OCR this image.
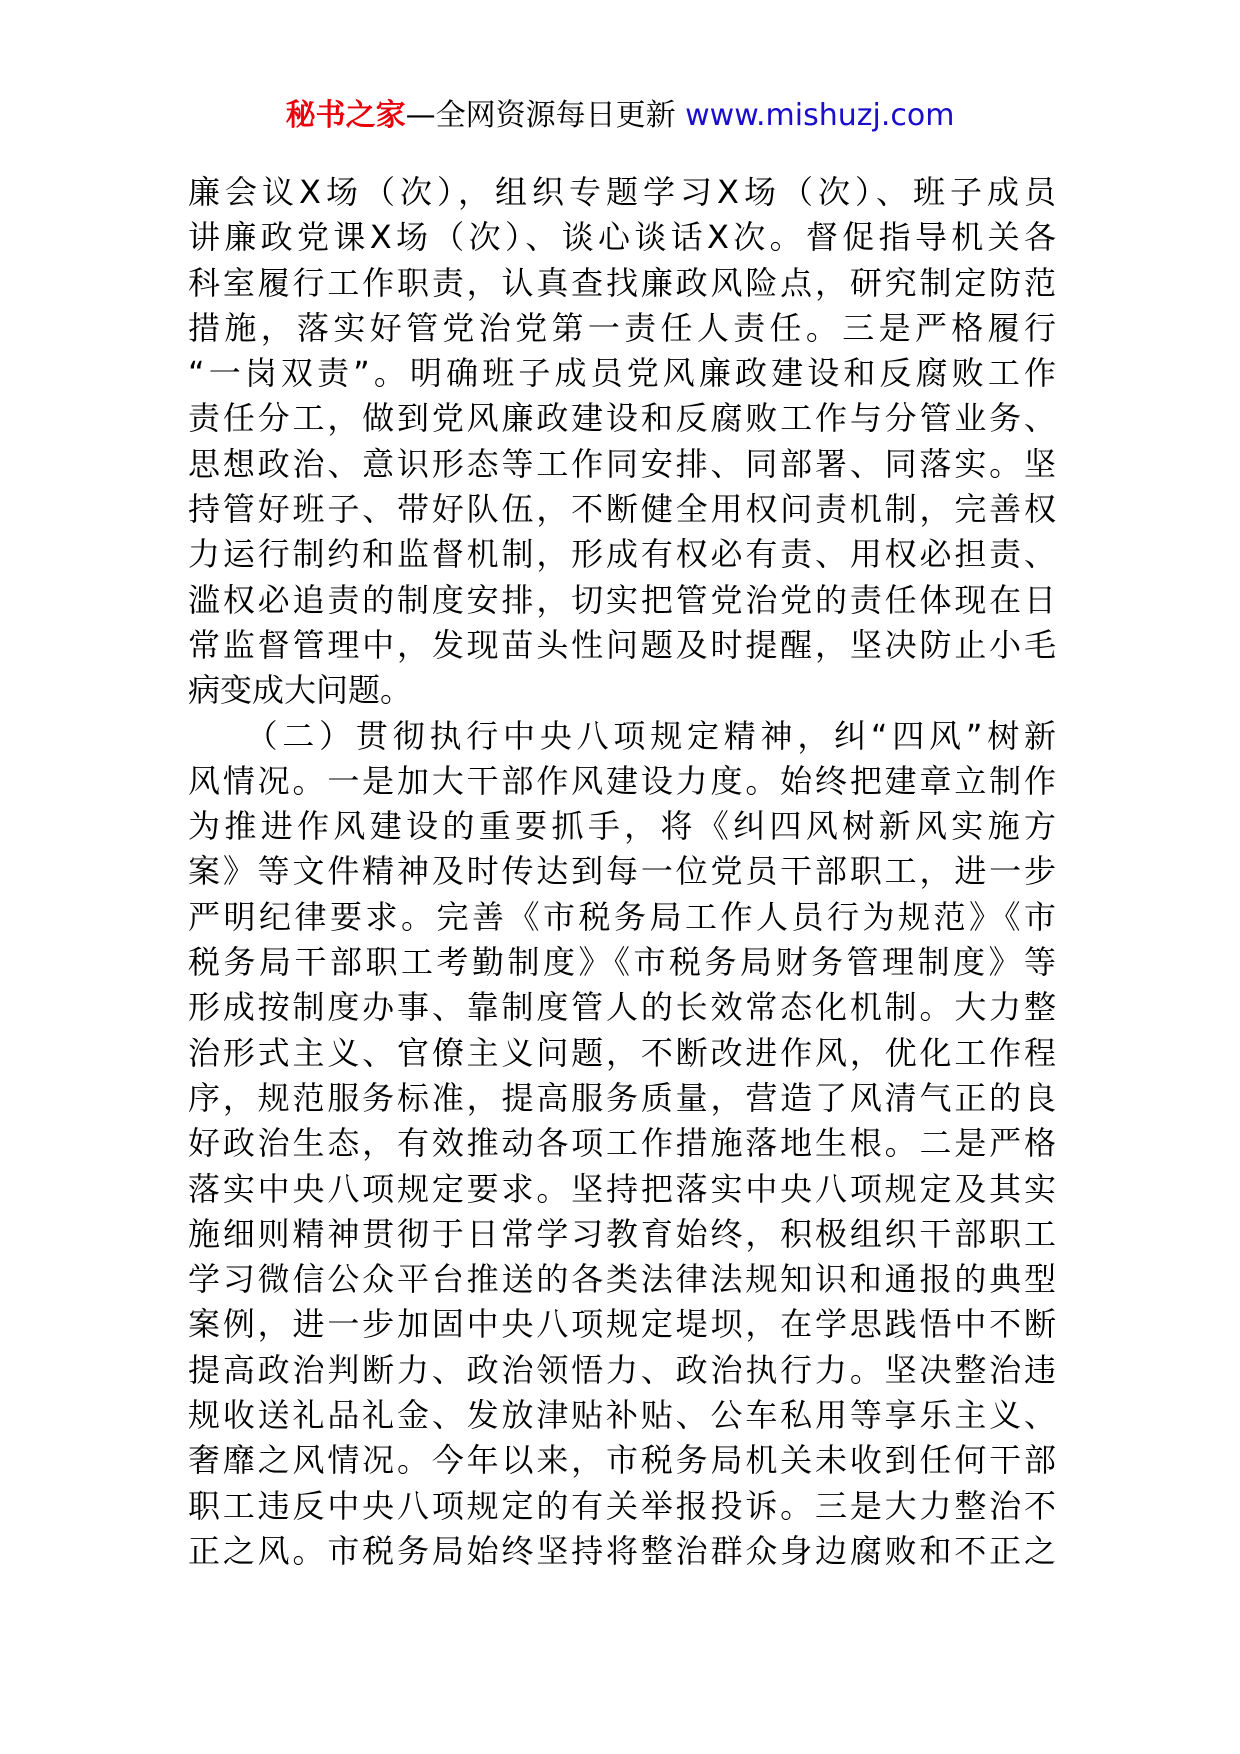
秘书之家—全网资源每日更新 www.mishuzj.com
廉会议X场（次），组织专题学习X场（次）、班子成员
讲廉政党课X场（次）、谈心谈话X次。督促指导机关各
科室履行工作职责，认真查找廉政风险点，研究制定防范
措施，落实好管党治党第一责任人责任。三是严格履行
“一岗双责”。明确班子成员党风廉政建设和反腐败工作
责任分工，做到党风廉政建设和反腐败工作与分管业务、
思想政治、意识形态等工作同安排、同部署、同落实。坚
持管好班子、带好队伍，不断健全用权问责机制，完善权
力运行制约和监督机制，形成有权必有责、用权必担责、
滥权必追责的制度安排，切实把管党治党的责任体现在日
常监督管理中，发现苗头性问题及时提醒，坚决防止小毛
病变成大问题。
　　（二）贯彻执行中央八项规定精神，纠“四风”树新
风情况。一是加大干部作风建设力度。始终把建章立制作
为推进作风建设的重要抓手，将《纠四风树新风实施方
案》等文件精神及时传达到每一位党员干部职工，进一步
严明纪律要求。完善《市税务局工作人员行为规范》《市
税务局干部职工考勤制度》《市税务局财务管理制度》等
形成按制度办事、靠制度管人的长效常态化机制。大力整
治形式主义、官僚主义问题，不断改进作风，优化工作程
序，规范服务标准，提高服务质量，营造了风清气正的良
好政治生态，有效推动各项工作措施落地生根。二是严格
落实中央八项规定要求。坚持把落实中央八项规定及其实
施细则精神贯彻于日常学习教育始终，积极组织干部职工
学习微信公众平台推送的各类法律法规知识和通报的典型
案例，进一步加固中央八项规定堤坝，在学思践悟中不断
提高政治判断力、政治领悟力、政治执行力。坚决整治违
规收送礼品礼金、发放津贴补贴、公车私用等享乐主义、
奢靡之风情况。今年以来，市税务局机关未收到任何干部
职工违反中央八项规定的有关举报投诉。三是大力整治不
正之风。市税务局始终坚持将整治群众身边腐败和不正之
